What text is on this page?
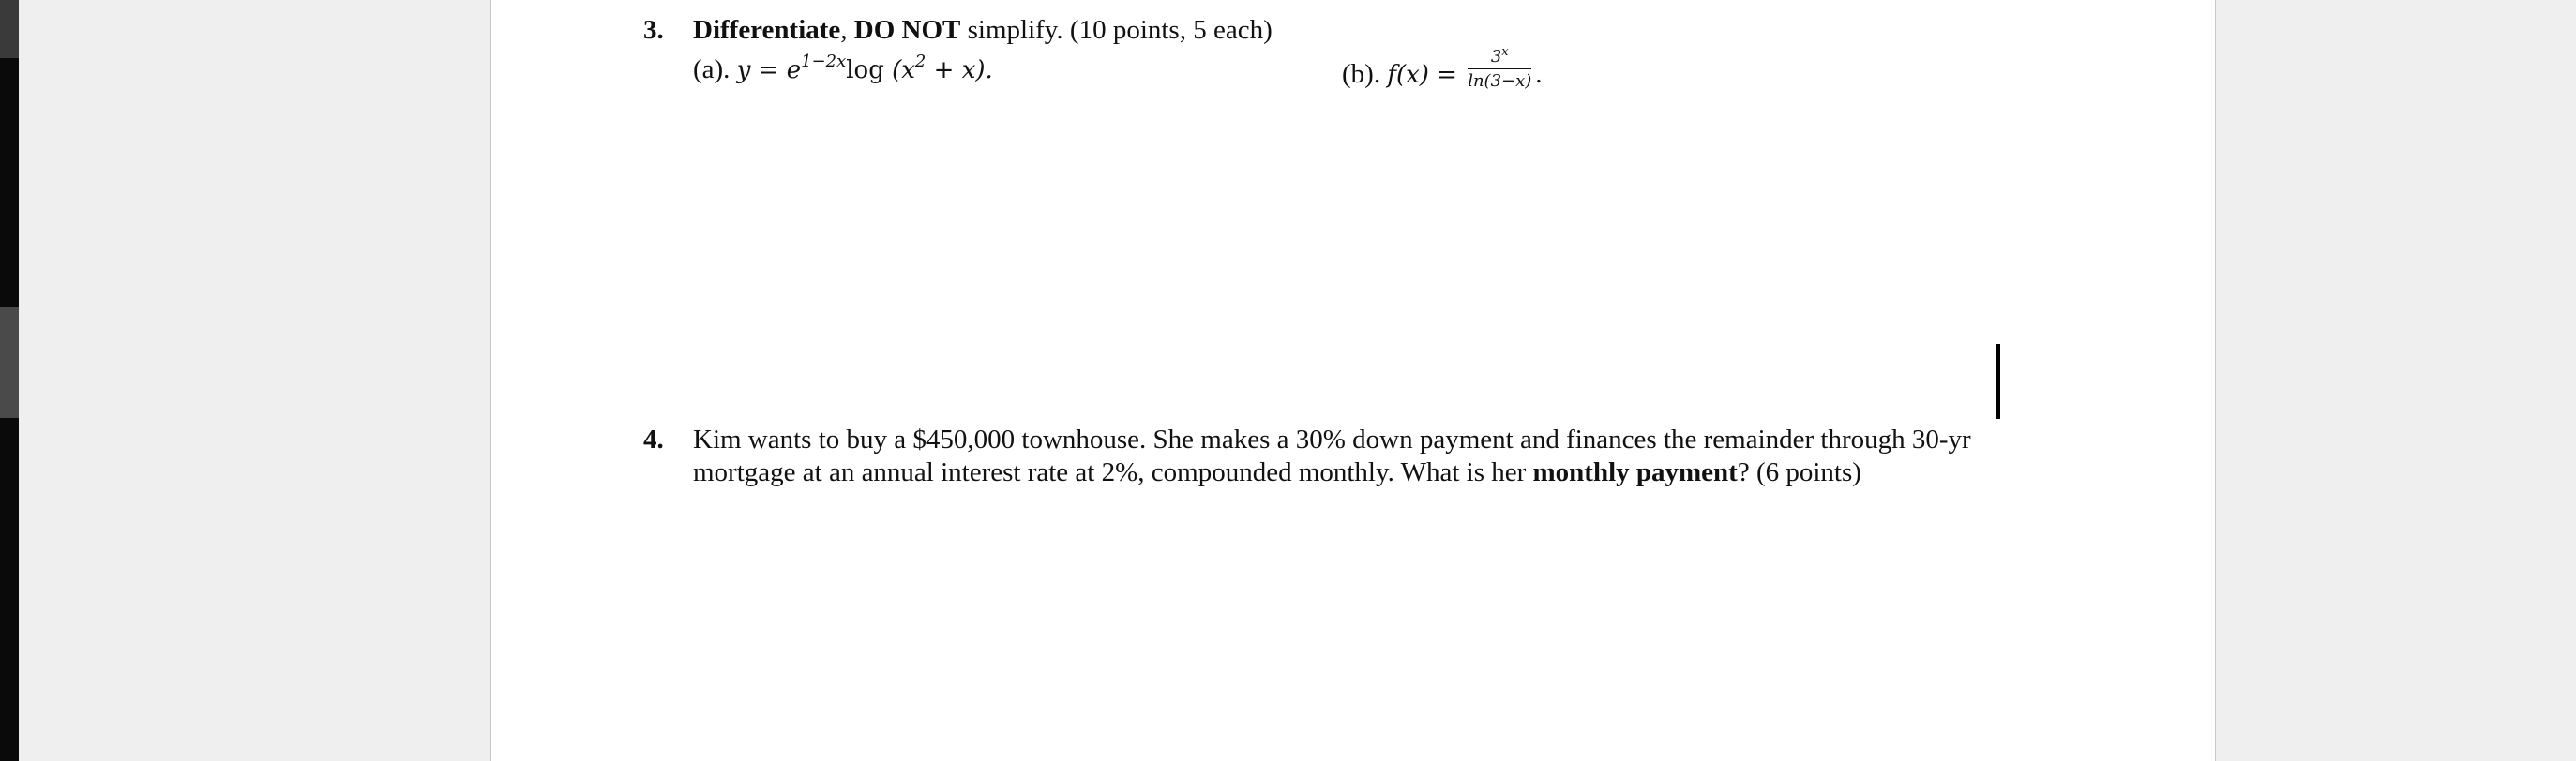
3. Differentiate, DO NOT simplify. (10 points, 5 each)
(a). $y = e^{1-2x}\log$ $(x^2 + x)$.	(b). $f(x) = \frac{3^x}{\ln(3-x)}$ .
4. Kim wants to buy a $450,000 townhouse. She makes a 30% down payment and finances the remainder through 30-yr
mortgage at an annual interest rate at 2%, compounded monthly. What is her monthly payment? (6 points)
